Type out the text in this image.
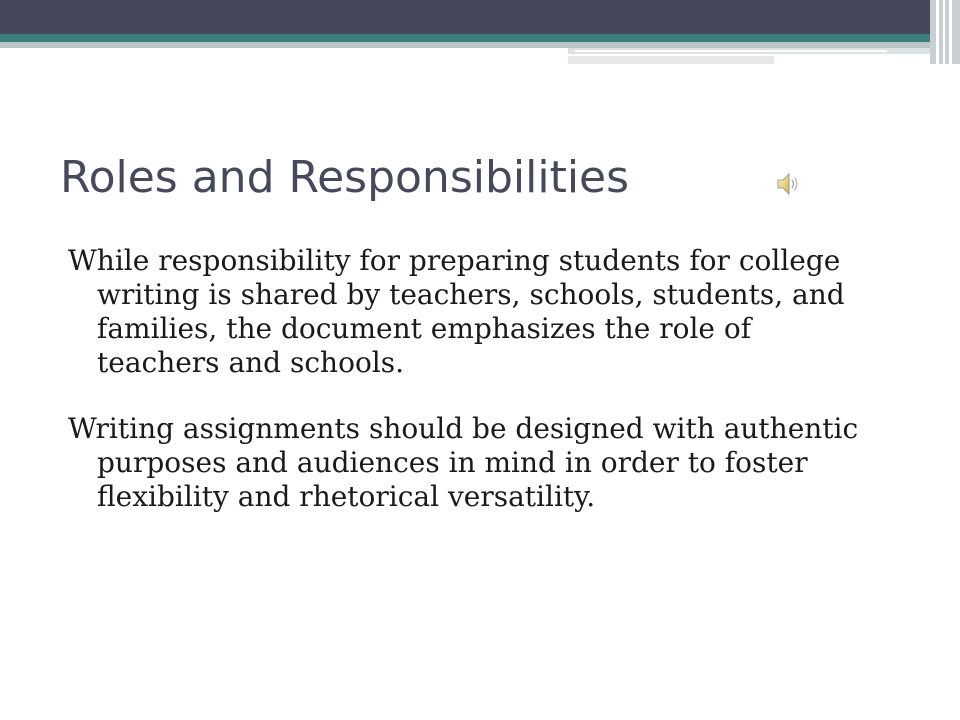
Roles and Responsibilities

While responsibility for preparing students for college writing is shared by teachers, schools, students, and families, the document emphasizes the role of teachers and schools.

Writing assignments should be designed with authentic purposes and audiences in mind in order to foster flexibility and rhetorical versatility.
